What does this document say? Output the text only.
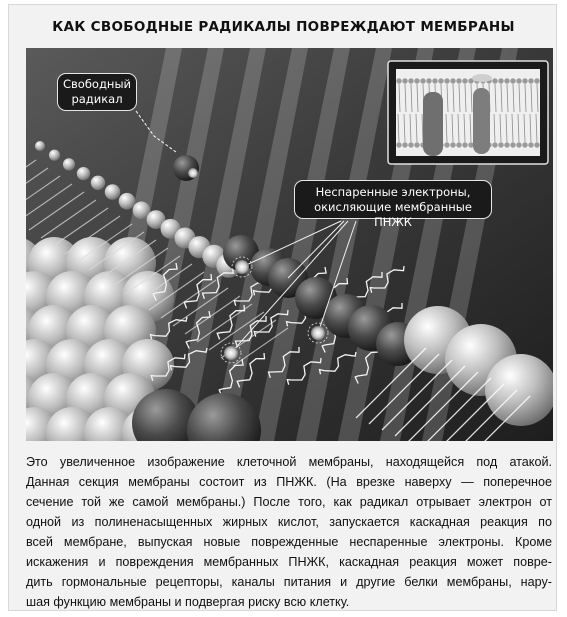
КАК СВОБОДНЫЕ РАДИКАЛЫ ПОВРЕЖДАЮТ МЕМБРАНЫ
Свободный
радикал
Неспаренные электроны,
окисляющие мембранные ПНЖК
Это увеличенное изображение клеточной мембраны, находящейся под атакой.
Данная секция мембраны состоит из ПНЖК. (На врезке наверху — поперечное
сечение той же самой мембраны.) После того, как радикал отрывает электрон от
одной из полиненасыщенных жирных кислот, запускается каскадная реакция по
всей мембране, выпуская новые поврежденные неспаренные электроны. Кроме
искажения и повреждения мембранных ПНЖК, каскадная реакция может повре-
дить гормональные рецепторы, каналы питания и другие белки мембраны, нару-
шая функцию мембраны и подвергая риску всю клетку.
